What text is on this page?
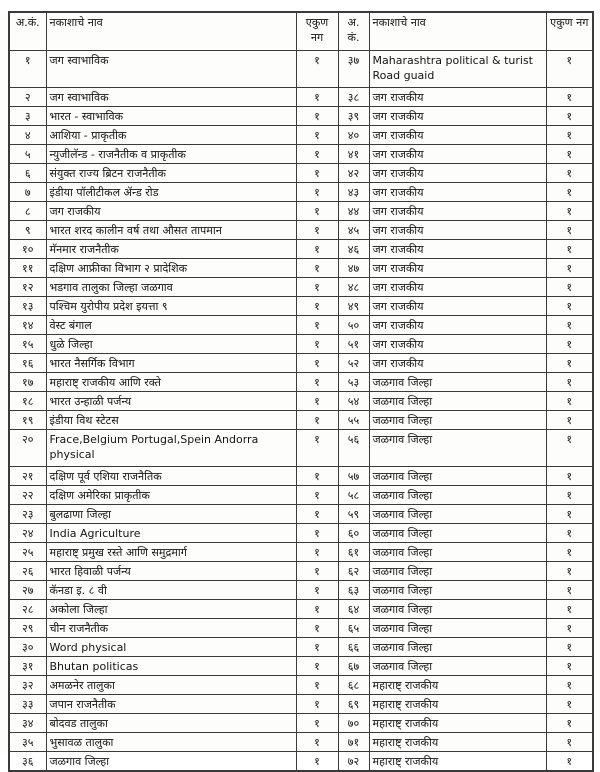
अ.कं.	नकाशाचे नाव	एकुण नग	अ. कं.	नकाशाचे नाव	एकुण नग
१	जग स्वाभाविक	१	३७	Maharashtra political & turist Road guaid	१
२	जग स्वाभाविक	१	३८	जग राजकीय	१
३	भारत - स्वाभाविक	१	३९	जग राजकीय	१
४	आशिया - प्राकृतीक	१	४०	जग राजकीय	१
५	न्युजीलॅन्ड - राजनैतीक व प्राकृतीक	१	४१	जग राजकीय	१
६	संयुक्त राज्य ब्रिटन राजनैतीक	१	४२	जग राजकीय	१
७	इंडीया पॉलीटीकल ॲन्ड रोड	१	४३	जग राजकीय	१
८	जग राजकीय	१	४४	जग राजकीय	१
९	भारत शरद कालीन वर्ष तथा औसत तापमान	१	४५	जग राजकीय	१
१०	मॅनमार राजनैतीक	१	४६	जग राजकीय	१
११	दक्षिण आफ्रीका विभाग २ प्रादेशिक	१	४७	जग राजकीय	१
१२	भडगाव तालुका जिल्हा जळगाव	१	४८	जग राजकीय	१
१३	पश्चिम युरोपीय प्रदेश इयत्ता ९	१	४९	जग राजकीय	१
१४	वेस्ट बंगाल	१	५०	जग राजकीय	१
१५	धुळे जिल्हा	१	५१	जग राजकीय	१
१६	भारत नैसर्गिक विभाग	१	५२	जग राजकीय	१
१७	महाराष्ट् राजकीय आणि रक्ते	१	५३	जळगाव जिल्हा	१
१८	भारत उन्हाळी पर्जन्य	१	५४	जळगाव जिल्हा	१
१९	इंडीया विथ स्टेटस	१	५५	जळगाव जिल्हा	१
२०	Frace,Belgium Portugal,Spein Andorra physical	१	५६	जळगाव जिल्हा	१
२१	दक्षिण पूर्व एशिया राजनैतिक	१	५७	जळगाव जिल्हा	१
२२	दक्षिण अमेरिका प्राकृतीक	१	५८	जळगाव जिल्हा	१
२३	बुलढाणा जिल्हा	१	५९	जळगाव जिल्हा	१
२४	India Agriculture	१	६०	जळगाव जिल्हा	१
२५	महाराष्ट् प्रमुख रस्ते आणि समुद्रमार्ग	१	६१	जळगाव जिल्हा	१
२६	भारत हिवाळी पर्जन्य	१	६२	जळगाव जिल्हा	१
२७	कॅनडा इ. ८ वी	१	६३	जळगाव जिल्हा	१
२८	अकोला जिल्हा	१	६४	जळगाव जिल्हा	१
२९	चीन राजनैतीक	१	६५	जळगाव जिल्हा	१
३०	Word physical	१	६६	जळगाव जिल्हा	१
३१	Bhutan politicas	१	६७	जळगाव जिल्हा	१
३२	अमळनेर तालुका	१	६८	महाराष्ट् राजकीय	१
३३	जपान राजनैतीक	१	६९	महाराष्ट् राजकीय	१
३४	बोदवड तालुका	१	७०	महाराष्ट् राजकीय	१
३५	भुसावळ तालुका	१	७१	महाराष्ट् राजकीय	१
३६	जळगाव जिल्हा	१	७२	महाराष्ट् राजकीय	१
